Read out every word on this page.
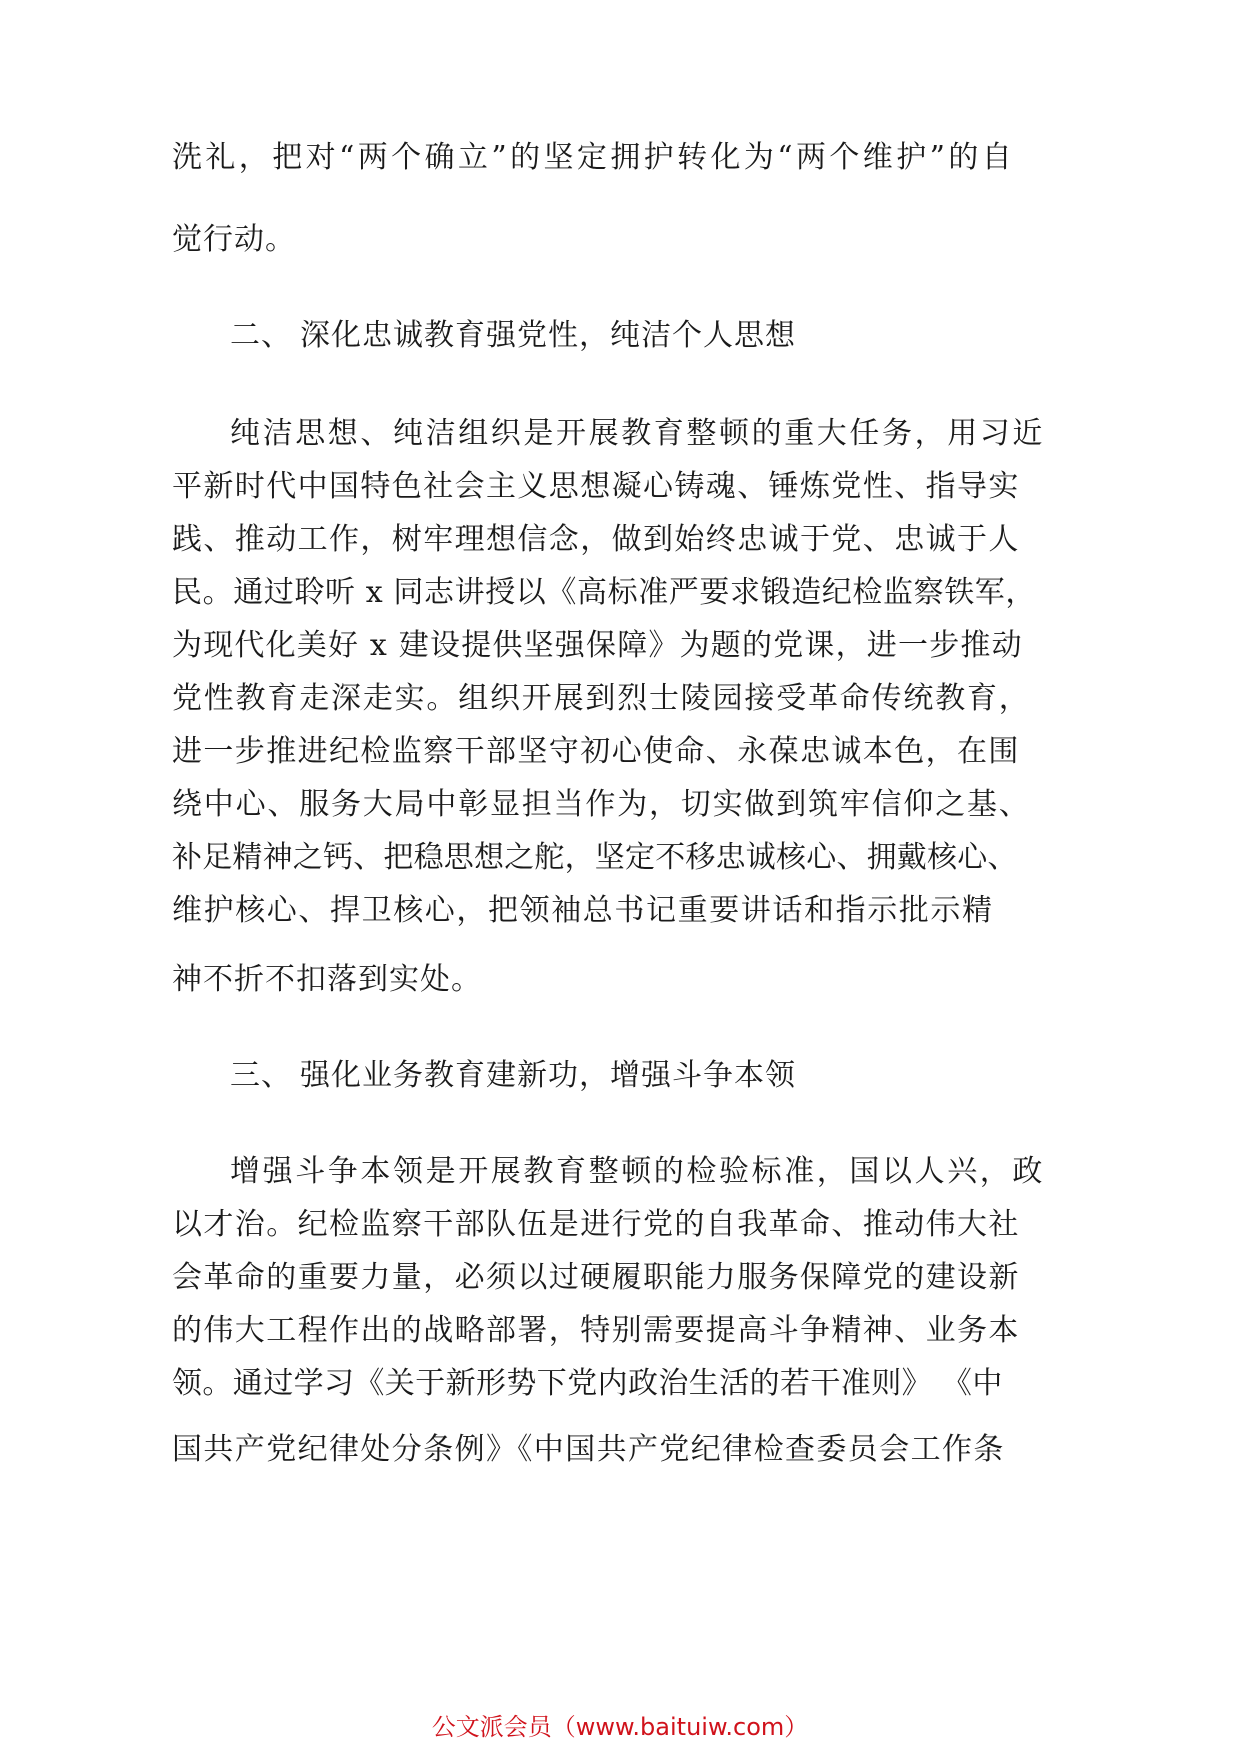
洗礼，把对“两个确立”的坚定拥护转化为“两个维护”的自
觉行动。
二、 深化忠诚教育强党性，纯洁个人思想
纯洁思想、纯洁组织是开展教育整顿的重大任务，用习近
平新时代中国特色社会主义思想凝心铸魂、锤炼党性、指导实
践、推动工作，树牢理想信念，做到始终忠诚于党、忠诚于人
民。通过聆听 x 同志讲授以《高标准严要求锻造纪检监察铁军，
为现代化美好 x 建设提供坚强保障》为题的党课，进一步推动
党性教育走深走实。组织开展到烈士陵园接受革命传统教育，
进一步推进纪检监察干部坚守初心使命、永葆忠诚本色，在围
绕中心、服务大局中彰显担当作为，切实做到筑牢信仰之基、
补足精神之钙、把稳思想之舵，坚定不移忠诚核心、拥戴核心、
维护核心、捍卫核心，把领袖总书记重要讲话和指示批示精
神不折不扣落到实处。
三、 强化业务教育建新功，增强斗争本领
增强斗争本领是开展教育整顿的检验标准，国以人兴，政
以才治。纪检监察干部队伍是进行党的自我革命、推动伟大社
会革命的重要力量，必须以过硬履职能力服务保障党的建设新
的伟大工程作出的战略部署，特别需要提高斗争精神、业务本
领。通过学习《关于新形势下党内政治生活的若干准则》 《中
国共产党纪律处分条例》《中国共产党纪律检查委员会工作条
公文派会员（www.baituiw.com）
